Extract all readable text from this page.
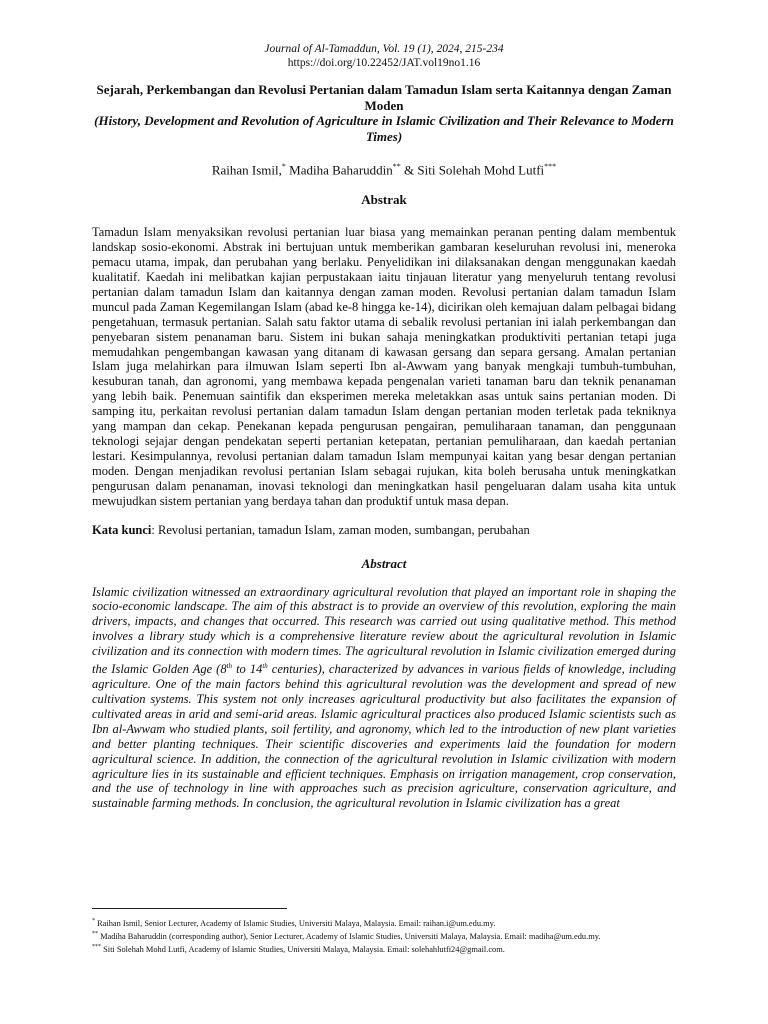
Journal of Al-Tamaddun, Vol. 19 (1), 2024, 215-234
https://doi.org/10.22452/JAT.vol19no1.16
Sejarah, Perkembangan dan Revolusi Pertanian dalam Tamadun Islam serta Kaitannya dengan Zaman Moden
(History, Development and Revolution of Agriculture in Islamic Civilization and Their Relevance to Modern Times)
Raihan Ismil,* Madiha Baharuddin** & Siti Solehah Mohd Lutfi***
Abstrak
Tamadun Islam menyaksikan revolusi pertanian luar biasa yang memainkan peranan penting dalam membentuk landskap sosio-ekonomi. Abstrak ini bertujuan untuk memberikan gambaran keseluruhan revolusi ini, meneroka pemacu utama, impak, dan perubahan yang berlaku. Penyelidikan ini dilaksanakan dengan menggunakan kaedah kualitatif. Kaedah ini melibatkan kajian perpustakaan iaitu tinjauan literatur yang menyeluruh tentang revolusi pertanian dalam tamadun Islam dan kaitannya dengan zaman moden. Revolusi pertanian dalam tamadun Islam muncul pada Zaman Kegemilangan Islam (abad ke-8 hingga ke-14), dicirikan oleh kemajuan dalam pelbagai bidang pengetahuan, termasuk pertanian. Salah satu faktor utama di sebalik revolusi pertanian ini ialah perkembangan dan penyebaran sistem penanaman baru. Sistem ini bukan sahaja meningkatkan produktiviti pertanian tetapi juga memudahkan pengembangan kawasan yang ditanam di kawasan gersang dan separa gersang. Amalan pertanian Islam juga melahirkan para ilmuwan Islam seperti Ibn al-Awwam yang banyak mengkaji tumbuh-tumbuhan, kesuburan tanah, dan agronomi, yang membawa kepada pengenalan varieti tanaman baru dan teknik penanaman yang lebih baik. Penemuan saintifik dan eksperimen mereka meletakkan asas untuk sains pertanian moden. Di samping itu, perkaitan revolusi pertanian dalam tamadun Islam dengan pertanian moden terletak pada tekniknya yang mampan dan cekap. Penekanan kepada pengurusan pengairan, pemuliharaan tanaman, dan penggunaan teknologi sejajar dengan pendekatan seperti pertanian ketepatan, pertanian pemuliharaan, dan kaedah pertanian lestari. Kesimpulannya, revolusi pertanian dalam tamadun Islam mempunyai kaitan yang besar dengan pertanian moden. Dengan menjadikan revolusi pertanian Islam sebagai rujukan, kita boleh berusaha untuk meningkatkan pengurusan dalam penanaman, inovasi teknologi dan meningkatkan hasil pengeluaran dalam usaha kita untuk mewujudkan sistem pertanian yang berdaya tahan dan produktif untuk masa depan.
Kata kunci: Revolusi pertanian, tamadun Islam, zaman moden, sumbangan, perubahan
Abstract
Islamic civilization witnessed an extraordinary agricultural revolution that played an important role in shaping the socio-economic landscape. The aim of this abstract is to provide an overview of this revolution, exploring the main drivers, impacts, and changes that occurred. This research was carried out using qualitative method. This method involves a library study which is a comprehensive literature review about the agricultural revolution in Islamic civilization and its connection with modern times. The agricultural revolution in Islamic civilization emerged during the Islamic Golden Age (8th to 14th centuries), characterized by advances in various fields of knowledge, including agriculture. One of the main factors behind this agricultural revolution was the development and spread of new cultivation systems. This system not only increases agricultural productivity but also facilitates the expansion of cultivated areas in arid and semi-arid areas. Islamic agricultural practices also produced Islamic scientists such as Ibn al-Awwam who studied plants, soil fertility, and agronomy, which led to the introduction of new plant varieties and better planting techniques. Their scientific discoveries and experiments laid the foundation for modern agricultural science. In addition, the connection of the agricultural revolution in Islamic civilization with modern agriculture lies in its sustainable and efficient techniques. Emphasis on irrigation management, crop conservation, and the use of technology in line with approaches such as precision agriculture, conservation agriculture, and sustainable farming methods. In conclusion, the agricultural revolution in Islamic civilization has a great
* Raihan Ismil, Senior Lecturer, Academy of Islamic Studies, Universiti Malaya, Malaysia. Email: raihan.i@um.edu.my.
** Madiha Baharuddin (corresponding author), Senior Lecturer, Academy of Islamic Studies, Universiti Malaya, Malaysia. Email: madiha@um.edu.my.
*** Siti Solehah Mohd Lutfi, Academy of Islamic Studies, Universiti Malaya, Malaysia. Email: solehahlutfi24@gmail.com.
